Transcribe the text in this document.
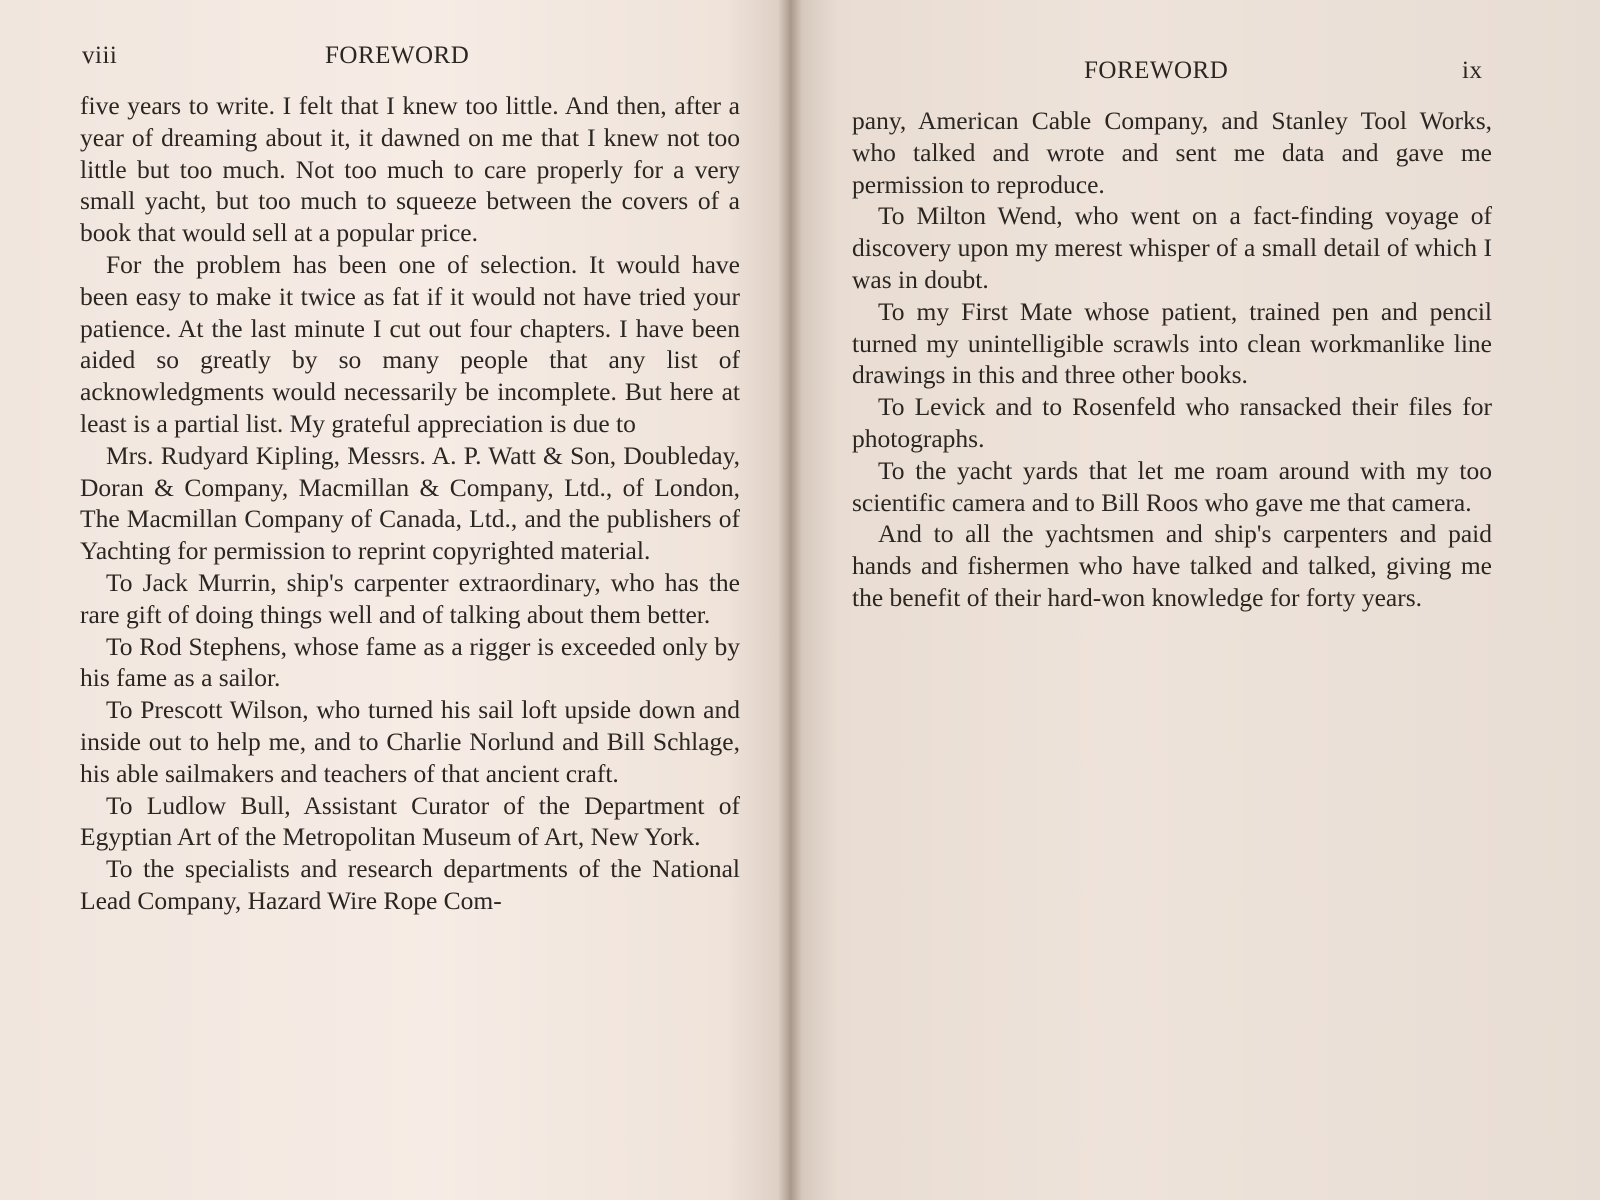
viii	FOREWORD

five years to write. I felt that I knew too little. And then, after a year of dreaming about it, it dawned on me that I knew not too little but too much. Not too much to care properly for a very small yacht, but too much to squeeze between the covers of a book that would sell at a popular price.

For the problem has been one of selection. It would have been easy to make it twice as fat if it would not have tried your patience. At the last minute I cut out four chapters. I have been aided so greatly by so many people that any list of acknowledgments would necessarily be incomplete. But here at least is a partial list. My grateful appreciation is due to

Mrs. Rudyard Kipling, Messrs. A. P. Watt & Son, Doubleday, Doran & Company, Macmillan & Company, Ltd., of London, The Macmillan Company of Canada, Ltd., and the publishers of Yachting for permission to reprint copyrighted material.

To Jack Murrin, ship's carpenter extraordinary, who has the rare gift of doing things well and of talking about them better.

To Rod Stephens, whose fame as a rigger is exceeded only by his fame as a sailor.

To Prescott Wilson, who turned his sail loft upside down and inside out to help me, and to Charlie Norlund and Bill Schlage, his able sailmakers and teachers of that ancient craft.

To Ludlow Bull, Assistant Curator of the Department of Egyptian Art of the Metropolitan Museum of Art, New York.

To the specialists and research departments of the National Lead Company, Hazard Wire Rope Com-

FOREWORD	ix

pany, American Cable Company, and Stanley Tool Works, who talked and wrote and sent me data and gave me permission to reproduce.

To Milton Wend, who went on a fact-finding voyage of discovery upon my merest whisper of a small detail of which I was in doubt.

To my First Mate whose patient, trained pen and pencil turned my unintelligible scrawls into clean workmanlike line drawings in this and three other books.

To Levick and to Rosenfeld who ransacked their files for photographs.

To the yacht yards that let me roam around with my too scientific camera and to Bill Roos who gave me that camera.

And to all the yachtsmen and ship's carpenters and paid hands and fishermen who have talked and talked, giving me the benefit of their hard-won knowledge for forty years.
